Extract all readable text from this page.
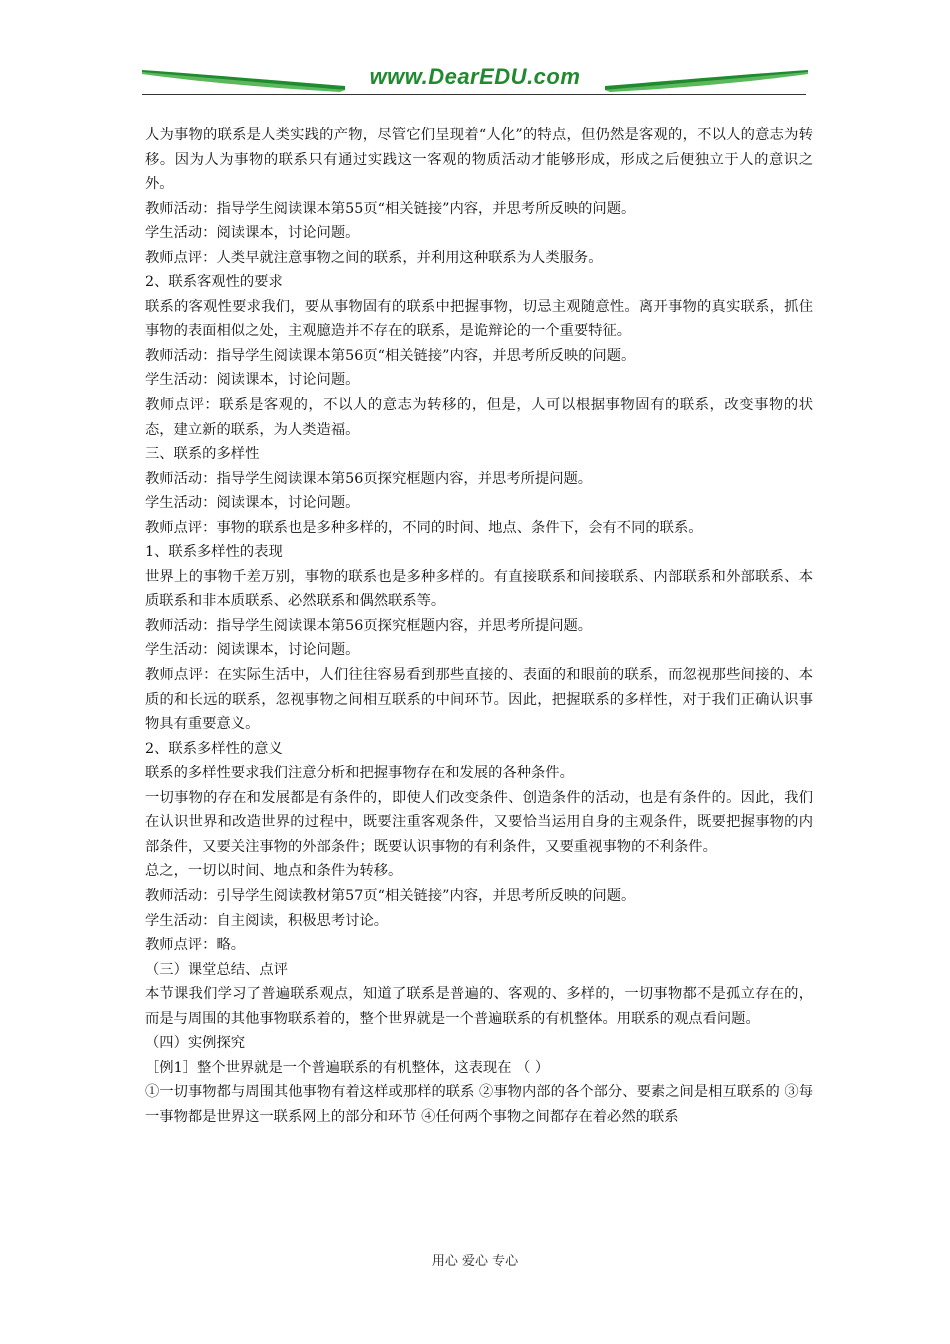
www.DearEDU.com

人为事物的联系是人类实践的产物，尽管它们呈现着“人化”的特点，但仍然是客观的，不以人的意志为转移。因为人为事物的联系只有通过实践这一客观的物质活动才能够形成，形成之后便独立于人的意识之外。

教师活动：指导学生阅读课本第55页“相关链接”内容，并思考所反映的问题。

学生活动：阅读课本，讨论问题。

教师点评：人类早就注意事物之间的联系，并利用这种联系为人类服务。

2、联系客观性的要求

联系的客观性要求我们，要从事物固有的联系中把握事物，切忌主观随意性。离开事物的真实联系，抓住事物的表面相似之处，主观臆造并不存在的联系，是诡辩论的一个重要特征。

教师活动：指导学生阅读课本第56页“相关链接”内容，并思考所反映的问题。

学生活动：阅读课本，讨论问题。

教师点评：联系是客观的，不以人的意志为转移的，但是，人可以根据事物固有的联系，改变事物的状态，建立新的联系，为人类造福。

三、联系的多样性

教师活动：指导学生阅读课本第56页探究框题内容，并思考所提问题。

学生活动：阅读课本，讨论问题。

教师点评：事物的联系也是多种多样的，不同的时间、地点、条件下，会有不同的联系。

1、联系多样性的表现

世界上的事物千差万别，事物的联系也是多种多样的。有直接联系和间接联系、内部联系和外部联系、本质联系和非本质联系、必然联系和偶然联系等。

教师活动：指导学生阅读课本第56页探究框题内容，并思考所提问题。

学生活动：阅读课本，讨论问题。

教师点评：在实际生活中，人们往往容易看到那些直接的、表面的和眼前的联系，而忽视那些间接的、本质的和长远的联系，忽视事物之间相互联系的中间环节。因此，把握联系的多样性，对于我们正确认识事物具有重要意义。

2、联系多样性的意义

联系的多样性要求我们注意分析和把握事物存在和发展的各种条件。

一切事物的存在和发展都是有条件的，即使人们改变条件、创造条件的活动，也是有条件的。因此，我们在认识世界和改造世界的过程中，既要注重客观条件，又要恰当运用自身的主观条件，既要把握事物的内部条件，又要关注事物的外部条件；既要认识事物的有利条件，又要重视事物的不利条件。

总之，一切以时间、地点和条件为转移。

教师活动：引导学生阅读教材第57页“相关链接”内容，并思考所反映的问题。

学生活动：自主阅读，积极思考讨论。

教师点评：略。

（三）课堂总结、点评

本节课我们学习了普遍联系观点，知道了联系是普遍的、客观的、多样的，一切事物都不是孤立存在的，而是与周围的其他事物联系着的，整个世界就是一个普遍联系的有机整体。用联系的观点看问题。

（四）实例探究

［例1］整个世界就是一个普遍联系的有机整体，这表现在 （ ）

①一切事物都与周围其他事物有着这样或那样的联系 ②事物内部的各个部分、要素之间是相互联系的 ③每一事物都是世界这一联系网上的部分和环节 ④任何两个事物之间都存在着必然的联系

用心 爱心 专心
